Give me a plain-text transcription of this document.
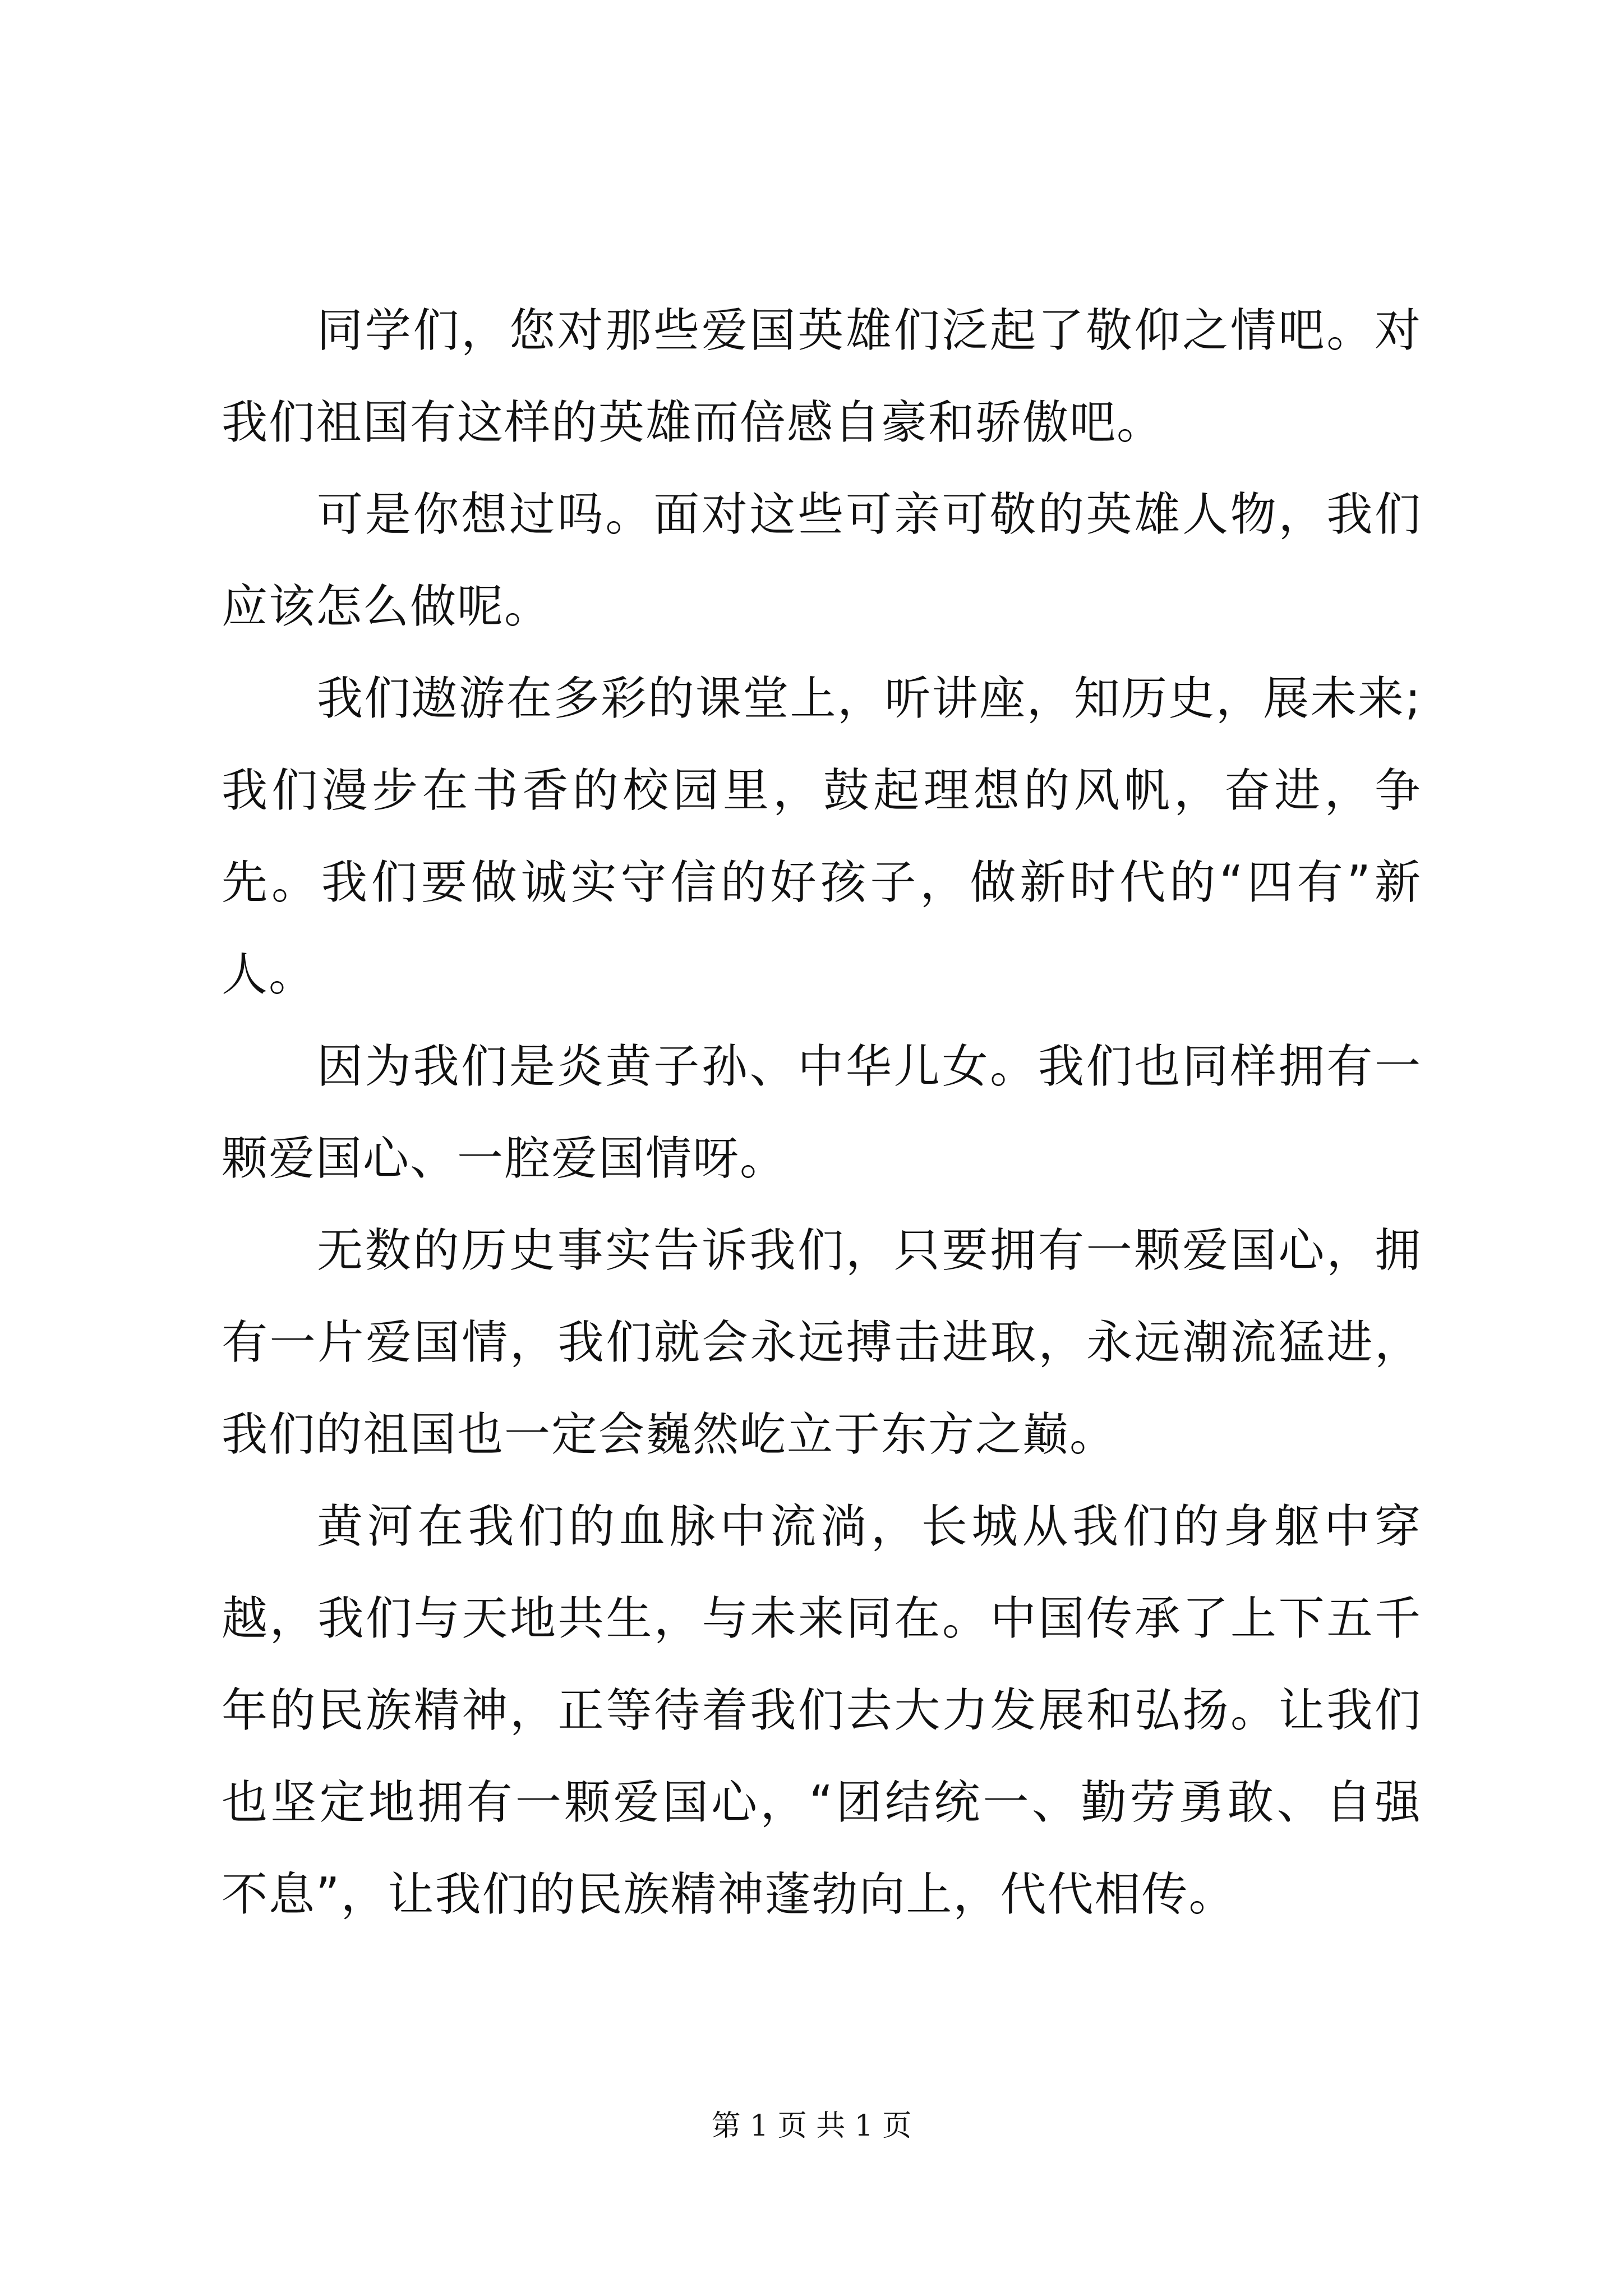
同学们，您对那些爱国英雄们泛起了敬仰之情吧。对我们祖国有这样的英雄而倍感自豪和骄傲吧。

可是你想过吗。面对这些可亲可敬的英雄人物，我们应该怎么做呢。

我们遨游在多彩的课堂上，听讲座，知历史，展未来;我们漫步在书香的校园里，鼓起理想的风帆，奋进，争先。我们要做诚实守信的好孩子，做新时代的“四有”新人。

因为我们是炎黄子孙、中华儿女。我们也同样拥有一颗爱国心、一腔爱国情呀。

无数的历史事实告诉我们，只要拥有一颗爱国心，拥有一片爱国情，我们就会永远搏击进取，永远潮流猛进，我们的祖国也一定会巍然屹立于东方之巅。

黄河在我们的血脉中流淌，长城从我们的身躯中穿越，我们与天地共生，与未来同在。中国传承了上下五千年的民族精神，正等待着我们去大力发展和弘扬。让我们也坚定地拥有一颗爱国心，“团结统一、勤劳勇敢、自强不息”，让我们的民族精神蓬勃向上，代代相传。

第 1 页 共 1 页
